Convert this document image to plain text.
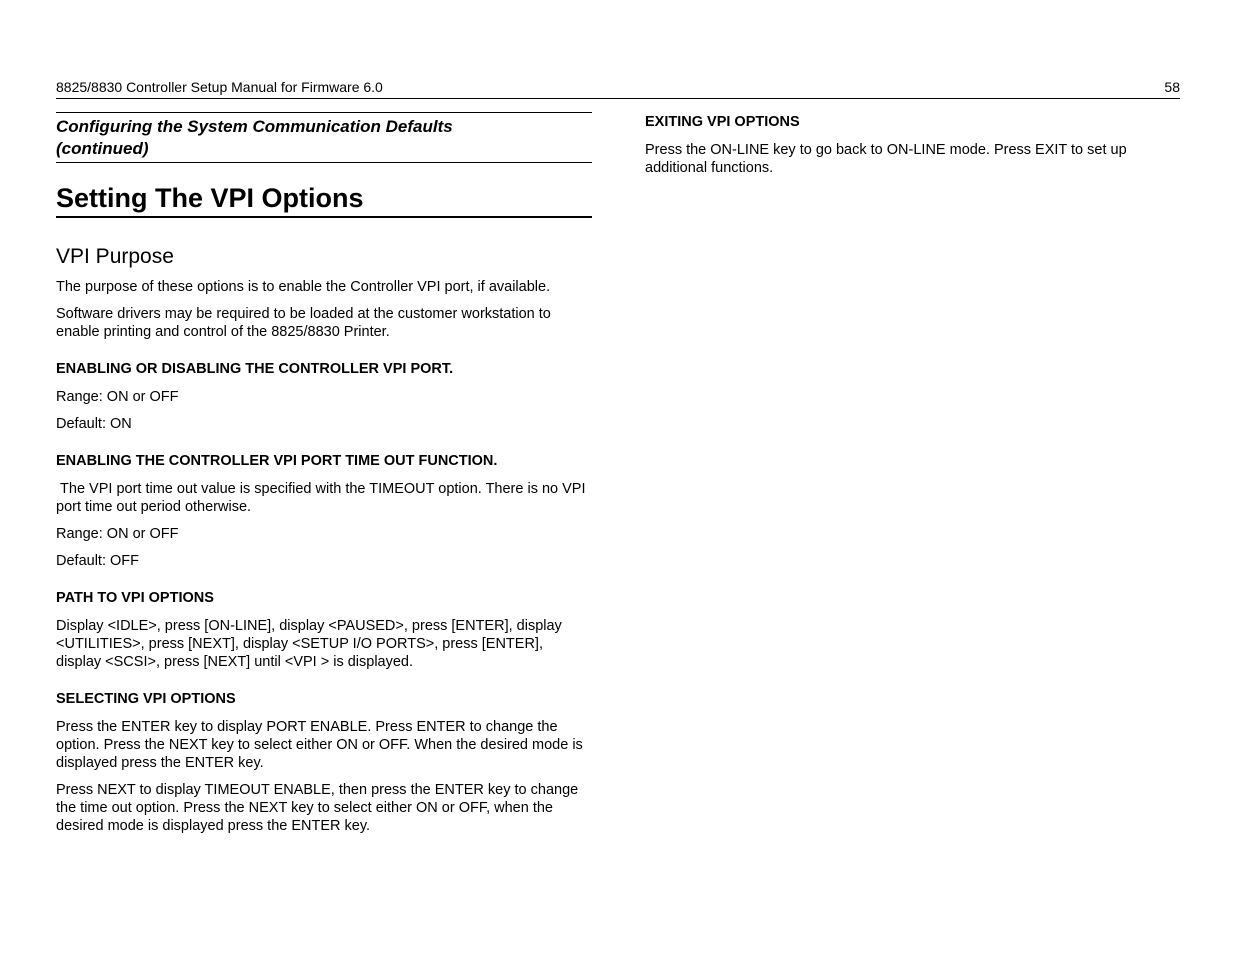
8825/8830 Controller Setup Manual for Firmware 6.0	58
Configuring the System Communication Defaults
(continued)
Setting The VPI Options
VPI Purpose

The purpose of these options is to enable the Controller VPI port, if available.

Software drivers may be required to be loaded at the customer workstation to enable printing and control of the 8825/8830 Printer.

ENABLING OR DISABLING THE CONTROLLER VPI PORT.

Range: ON or OFF

Default: ON

ENABLING THE CONTROLLER VPI PORT TIME OUT FUNCTION.

The VPI port time out value is specified with the TIMEOUT option. There is no VPI port time out period otherwise.

Range: ON or OFF

Default: OFF

PATH TO VPI OPTIONS

Display <IDLE>, press [ON-LINE], display <PAUSED>, press [ENTER], display <UTILITIES>, press [NEXT], display <SETUP I/O PORTS>, press [ENTER], display <SCSI>, press [NEXT] until <VPI > is displayed.

SELECTING VPI OPTIONS

Press the ENTER key to display PORT ENABLE. Press ENTER to change the option. Press the NEXT key to select either ON or OFF. When the desired mode is displayed press the ENTER key.

Press NEXT to display TIMEOUT ENABLE, then press the ENTER key to change the time out option. Press the NEXT key to select either ON or OFF, when the desired mode is displayed press the ENTER key.

EXITING VPI OPTIONS

Press the ON-LINE key to go back to ON-LINE mode. Press EXIT to set up additional functions.
